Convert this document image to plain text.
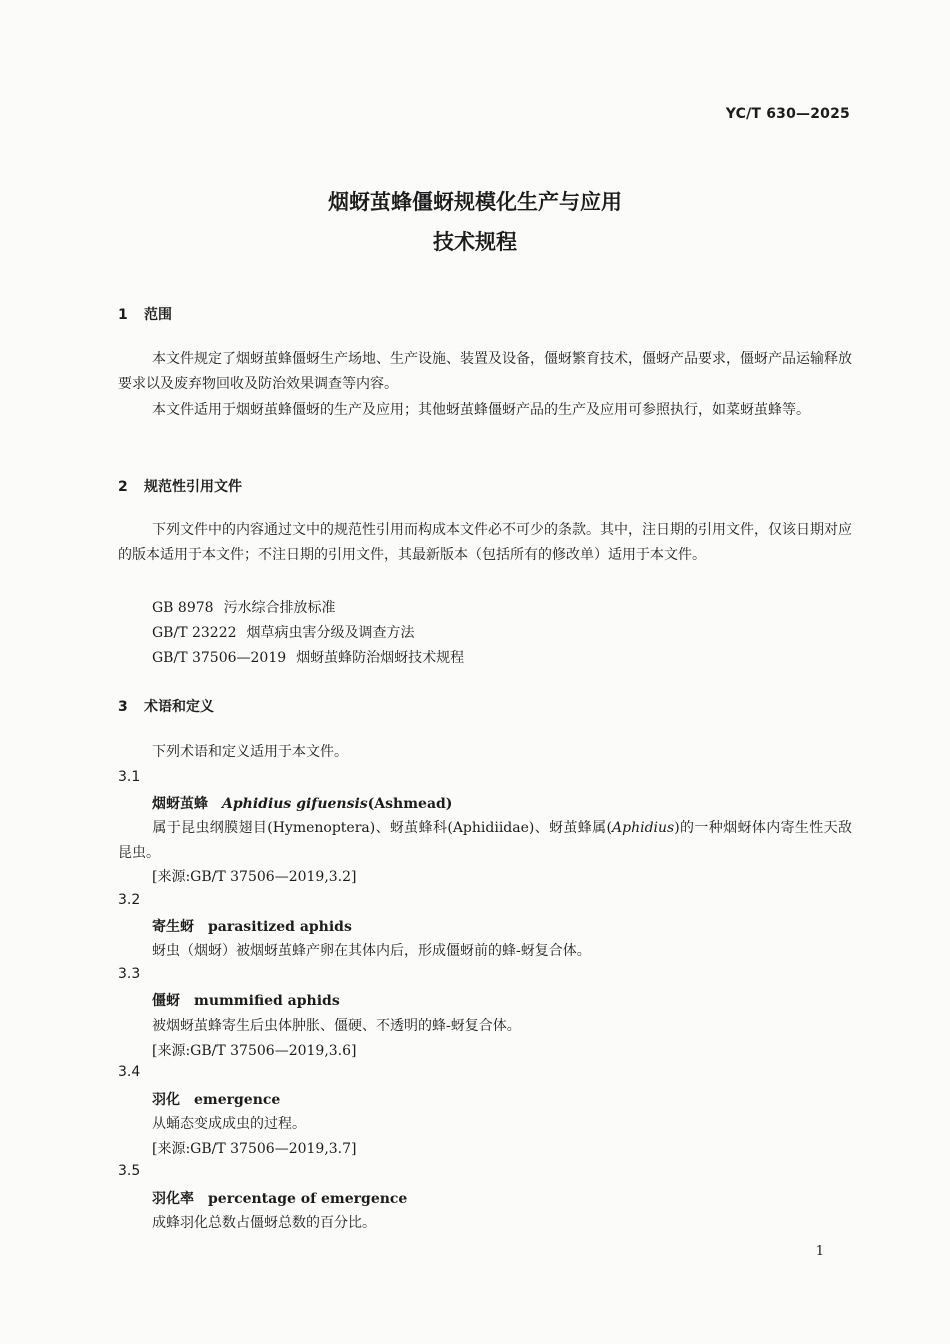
YC/T 630—2025
烟蚜茧蜂僵蚜规模化生产与应用
技术规程
1 范围
本文件规定了烟蚜茧蜂僵蚜生产场地、生产设施、装置及设备，僵蚜繁育技术，僵蚜产品要求，僵蚜产品运输释放要求以及废弃物回收及防治效果调查等内容。
本文件适用于烟蚜茧蜂僵蚜的生产及应用；其他蚜茧蜂僵蚜产品的生产及应用可参照执行，如菜蚜茧蜂等。
2 规范性引用文件
下列文件中的内容通过文中的规范性引用而构成本文件必不可少的条款。其中，注日期的引用文件，仅该日期对应的版本适用于本文件；不注日期的引用文件，其最新版本（包括所有的修改单）适用于本文件。
GB 8978 污水综合排放标准
GB/T 23222 烟草病虫害分级及调查方法
GB/T 37506—2019 烟蚜茧蜂防治烟蚜技术规程
3 术语和定义
下列术语和定义适用于本文件。
3.1
烟蚜茧蜂 Aphidius gifuensis(Ashmead)
属于昆虫纲膜翅目(Hymenoptera)、蚜茧蜂科(Aphidiidae)、蚜茧蜂属(Aphidius)的一种烟蚜体内寄生性天敌昆虫。
[来源:GB/T 37506—2019,3.2]
3.2
寄生蚜 parasitized aphids
蚜虫（烟蚜）被烟蚜茧蜂产卵在其体内后，形成僵蚜前的蜂-蚜复合体。
3.3
僵蚜 mummified aphids
被烟蚜茧蜂寄生后虫体肿胀、僵硬、不透明的蜂-蚜复合体。
[来源:GB/T 37506—2019,3.6]
3.4
羽化 emergence
从蛹态变成成虫的过程。
[来源:GB/T 37506—2019,3.7]
3.5
羽化率 percentage of emergence
成蜂羽化总数占僵蚜总数的百分比。
1
